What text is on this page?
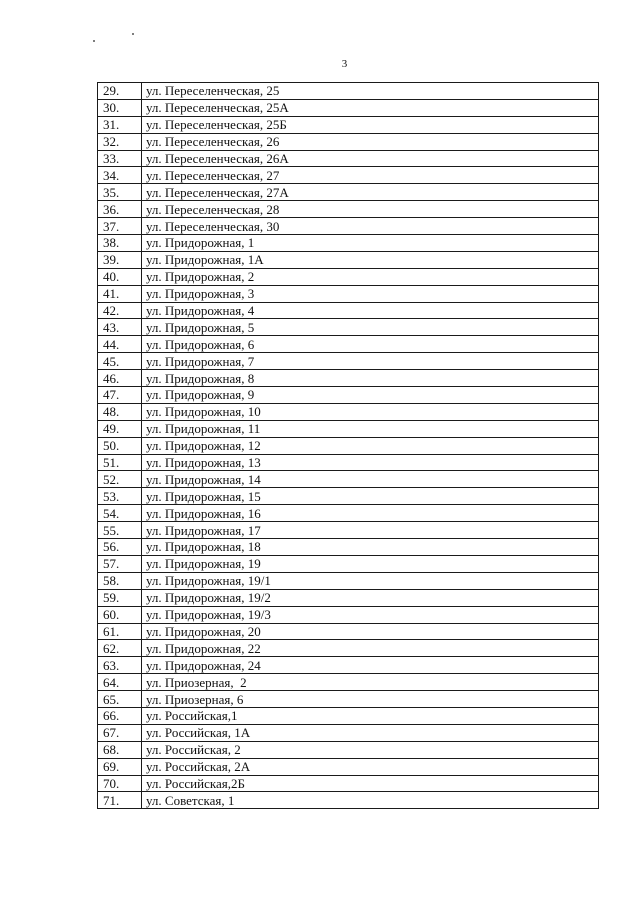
3
29.	ул. Переселенческая, 25
30.	ул. Переселенческая, 25А
31.	ул. Переселенческая, 25Б
32.	ул. Переселенческая, 26
33.	ул. Переселенческая, 26А
34.	ул. Переселенческая, 27
35.	ул. Переселенческая, 27А
36.	ул. Переселенческая, 28
37.	ул. Переселенческая, 30
38.	ул. Придорожная, 1
39.	ул. Придорожная, 1А
40.	ул. Придорожная, 2
41.	ул. Придорожная, 3
42.	ул. Придорожная, 4
43.	ул. Придорожная, 5
44.	ул. Придорожная, 6
45.	ул. Придорожная, 7
46.	ул. Придорожная, 8
47.	ул. Придорожная, 9
48.	ул. Придорожная, 10
49.	ул. Придорожная, 11
50.	ул. Придорожная, 12
51.	ул. Придорожная, 13
52.	ул. Придорожная, 14
53.	ул. Придорожная, 15
54.	ул. Придорожная, 16
55.	ул. Придорожная, 17
56.	ул. Придорожная, 18
57.	ул. Придорожная, 19
58.	ул. Придорожная, 19/1
59.	ул. Придорожная, 19/2
60.	ул. Придорожная, 19/3
61.	ул. Придорожная, 20
62.	ул. Придорожная, 22
63.	ул. Придорожная, 24
64.	ул. Приозерная,  2
65.	ул. Приозерная, 6
66.	ул. Российская,1
67.	ул. Российская, 1А
68.	ул. Российская, 2
69.	ул. Российская, 2А
70.	ул. Российская,2Б
71.	ул. Советская, 1
